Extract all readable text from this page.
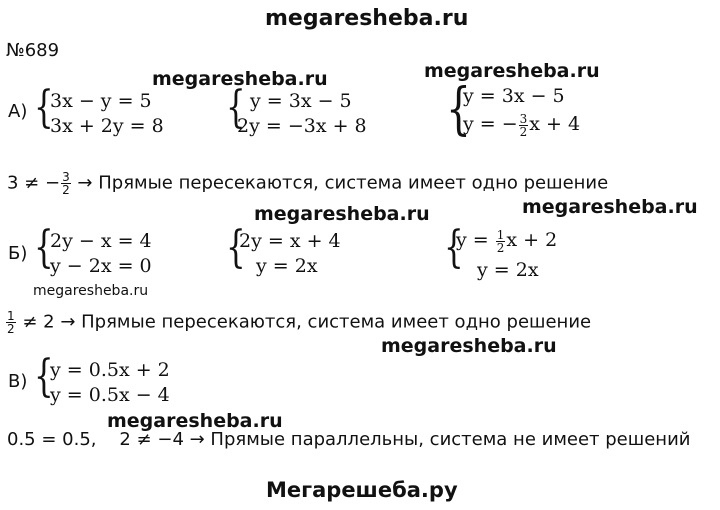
megaresheba.ru
№689
megaresheba.ru	megaresheba.ru
megaresheba.ru	megaresheba.ru
megaresheba.ru
megaresheba.ru
megaresheba.ru
А) {
3x − y = 5
3x + 2y = 8 { y = 3x − 5
2y = −3x + 8 {
y = 3x − 5
y = − $\frac{3}{2}$ x + 4
3 ≠ − $\frac{3}{2}$ → Прямые пересекаются, система имеет одно решение
Б) {
2y − x = 4
y − 2x = 0 {
2y = x + 4
y = 2x	{
$y = \frac{1}{2}$ x + 2
y = 2x
$\frac{1}{2} \ne 2$ → Прямые пересекаются, система имеет одно решение
В) {
y = 0.5x + 2
y = 0.5x − 4
0.5 = 0.5,    2 ≠ −4 → Прямые параллельны, система не имеет решений
Мегарешеба.ру
